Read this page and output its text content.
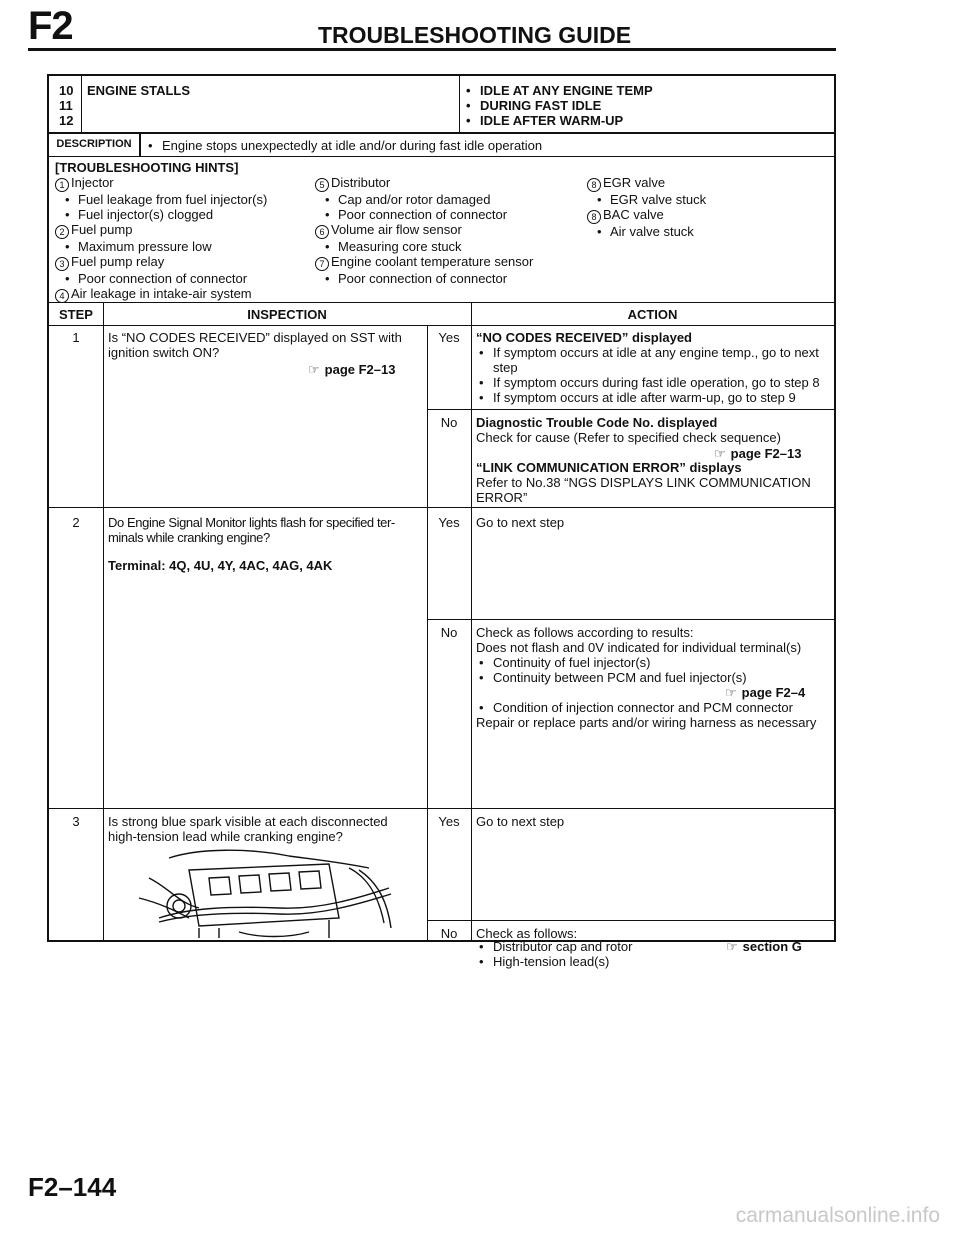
F2	TROUBLESHOOTING GUIDE
10
11
12
ENGINE STALLS	• IDLE AT ANY ENGINE TEMP
• DURING FAST IDLE
• IDLE AFTER WARM-UP
DESCRIPTION	• Engine stops unexpectedly at idle and/or during fast idle operation
[TROUBLESHOOTING HINTS]
1 Injector
• Fuel leakage from fuel injector(s)
• Fuel injector(s) clogged
2 Fuel pump
• Maximum pressure low
3 Fuel pump relay
• Poor connection of connector
4 Air leakage in intake-air system
5 Distributor
• Cap and/or rotor damaged
• Poor connection of connector
6 Volume air flow sensor
• Measuring core stuck
7 Engine coolant temperature sensor
• Poor connection of connector
8 EGR valve
• EGR valve stuck
8 BAC valve
• Air valve stuck
STEP	INSPECTION	ACTION
1	Is “NO CODES RECEIVED” displayed on SST with
ignition switch ON?
☞ page F2–13
Yes	“NO CODES RECEIVED” displayed
• If symptom occurs at idle at any engine temp., go to next
step
• If symptom occurs during fast idle operation, go to step 8
• If symptom occurs at idle after warm-up, go to step 9
No	Diagnostic Trouble Code No. displayed
Check for cause (Refer to specified check sequence)
☞ page F2–13
“LINK COMMUNICATION ERROR” displays
Refer to No.38 “NGS DISPLAYS LINK COMMUNICATION
ERROR”
2	Do Engine Signal Monitor lights flash for specified ter-
minals while cranking engine?
Terminal: 4Q, 4U, 4Y, 4AC, 4AG, 4AK
Yes	Go to next step
No	Check as follows according to results:
Does not flash and 0V indicated for individual terminal(s)
• Continuity of fuel injector(s)
• Continuity between PCM and fuel injector(s)
☞ page F2–4
• Condition of injection connector and PCM connector
Repair or replace parts and/or wiring harness as necessary
3	Is strong blue spark visible at each disconnected
high-tension lead while cranking engine?
Yes	Go to next step
No	Check as follows:
• Distributor cap and rotor
• High-tension lead(s)
☞ section G
F2–144
carmanualsonline.info
